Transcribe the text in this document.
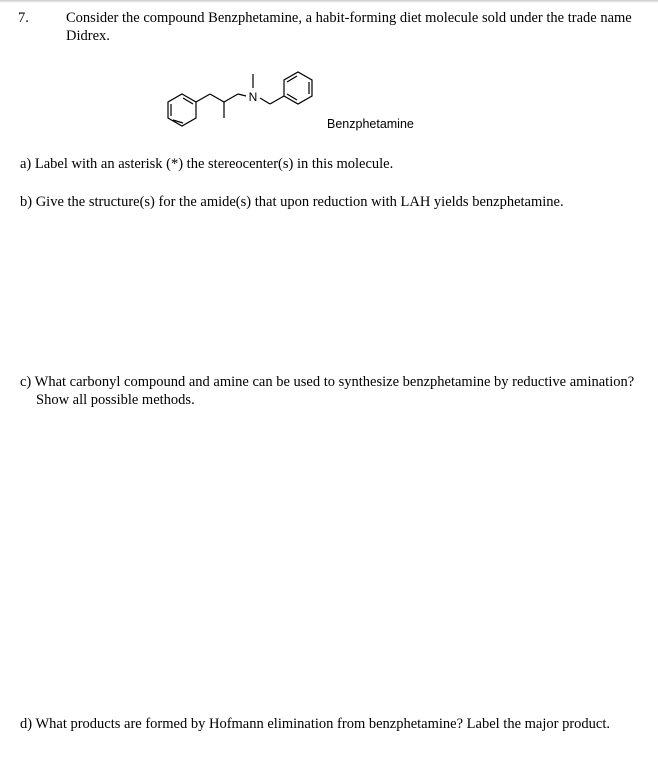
7.	Consider the compound Benzphetamine, a habit-forming diet molecule sold under the trade name Didrex.
N
Benzphetamine
a) Label with an asterisk (*) the stereocenter(s) in this molecule.
b) Give the structure(s) for the amide(s) that upon reduction with LAH yields benzphetamine.
c) What carbonyl compound and amine can be used to synthesize benzphetamine by reductive amination? Show all possible methods.
d) What products are formed by Hofmann elimination from benzphetamine? Label the major product.
